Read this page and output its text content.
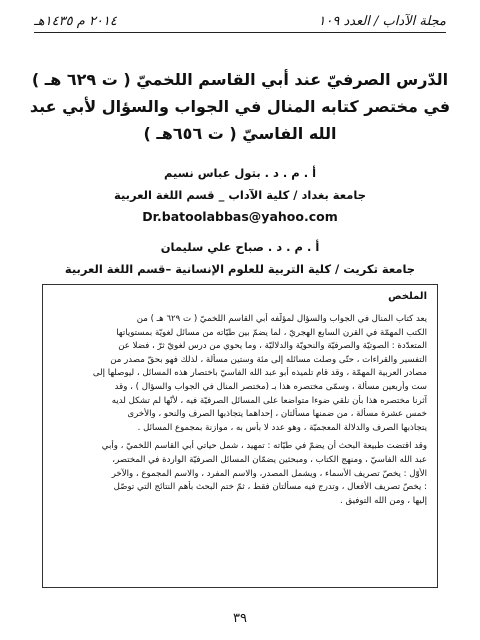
مجلة الآداب / العدد ١٠٩
٢٠١٤ م ١٤٣٥هـ
الدّرس الصرفيّ عند أبي القاسم اللخميّ ( ت ٦٢٩ هـ )
في مختصر كتابه المنال في الجواب والسؤال لأبي عبد
الله الفاسيّ ( ت ٦٥٦هـ )
أ . م . د . بتول عباس نسيم
جامعة بغداد / كلية الآداب _ قسم اللغة العربية
Dr.batoolabbas@yahoo.com
أ . م . د . صباح علي سليمان
جامعة تكريت / كلية التربية للعلوم الإنسانية –قسم اللغة العربية
الملخص

يعد كتاب المنال في الجواب والسؤال لمؤلّفه أبي القاسم اللخميّ ( ت ٦٢٩ هـ ) من
الكتب المهمّة في القرن السابع الهجريّ ، لما يضمّ بين طيّاته من مسائل لغويّة بمستوياتها
المتعدّدة : الصوتيّة والصرفيّة والنحويّة والدلاليّة ، وما يحوي من درس لغويّ ثرّ ، فضلا عن
التفسير والقراءات ، حتّى وصلت مسائله إلى مئة وستين مسألة ، لذلك فهو بحقّ مصدر من
مصادر العربية المهمّة ، وقد قام تلميذه أبو عبد الله الفاسيّ باختصار هذه المسائل ، ليوصلها إلى
ست وأربعين مسألة ، وسمّى مختصره هذا بـ (مختصر المنال في الجواب والسؤال ) ، وقد
آثرنا مختصره هذا بأن نلقي ضوءا متواضعا على المسائل الصرفيّة فيه ، لأنّها لم تشكل لديه
خمس عشرة مسألة ، من ضمنها مسألتان ، إحداهما يتجاذبها الصرف والنحو ، والأخرى
يتجاذبها الصرف والدلالة المعجميّة ، وهو عدد لا بأس به ، موازنة بمجموع المسائل .

وقد اقتضت طبيعة البحث أن يضمّ في طيّاته : تمهيد ، شمل حياتي أبي القاسم اللخميّ ، وأبي
عبد الله الفاسيّ ، ومنهج الكتاب ، ومبحثين يضمّان المسائل الصرفيّة الواردة في المختصر،
الأوّل : يخصّ تصريف الأسماء ، ويشمل المصدر، والاسم المفرد ، والاسم المجموع ، والآخر
: يخصّ تصريف الأفعال ، وتدرج فيه مسألتان فقط ، ثمّ ختم البحث بأهم النتائج التي توصّل
إليها ، ومن الله التوفيق .

٣٩
